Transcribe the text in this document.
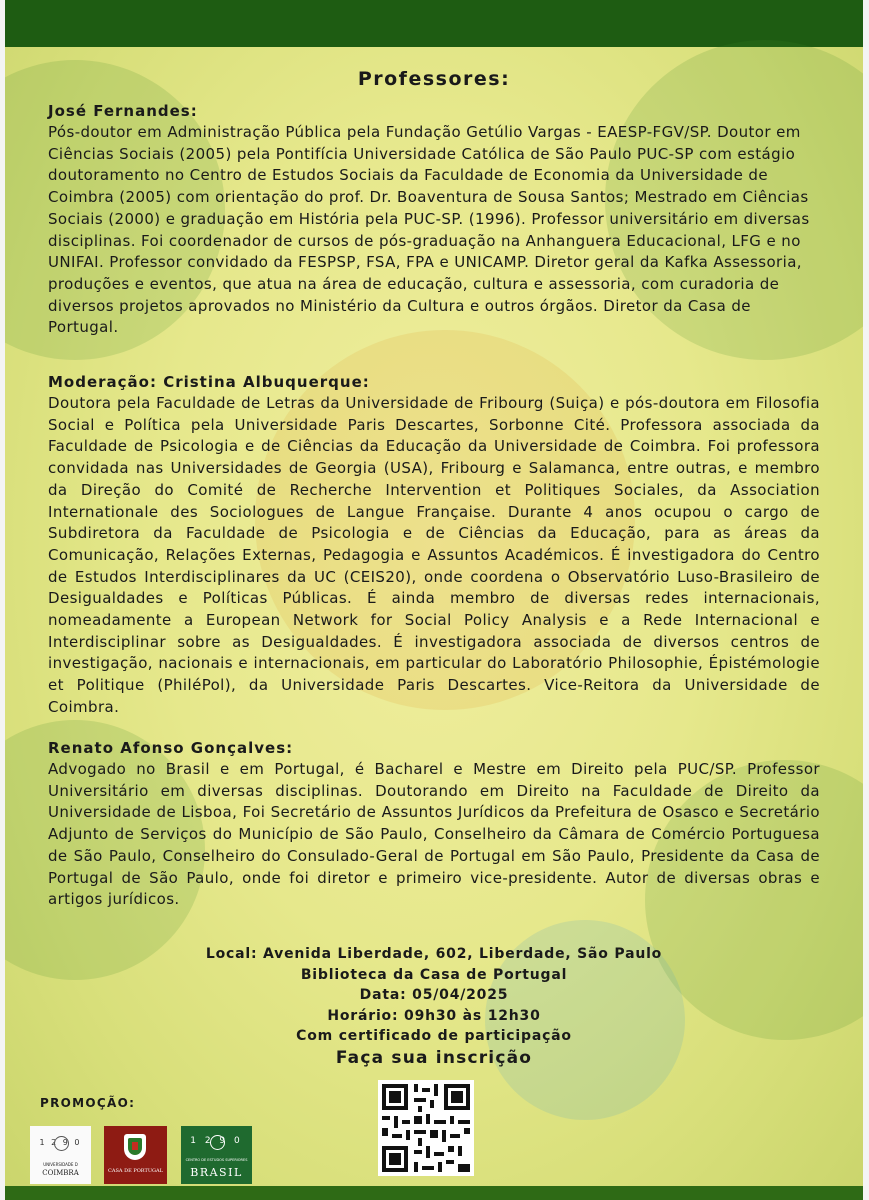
Professores:
José Fernandes:
Pós-doutor em Administração Pública pela Fundação Getúlio Vargas - EAESP-FGV/SP. Doutor em Ciências Sociais (2005) pela Pontifícia Universidade Católica de São Paulo PUC-SP com estágio doutoramento no Centro de Estudos Sociais da Faculdade de Economia da Universidade de Coimbra (2005) com orientação do prof. Dr. Boaventura de Sousa Santos; Mestrado em Ciências Sociais (2000) e graduação em História pela PUC-SP. (1996). Professor universitário em diversas disciplinas. Foi coordenador de cursos de pós-graduação na Anhanguera Educacional, LFG e no UNIFAI. Professor convidado da FESPSP, FSA, FPA e UNICAMP. Diretor geral da Kafka Assessoria, produções e eventos, que atua na área de educação, cultura e assessoria, com curadoria de diversos projetos aprovados no Ministério da Cultura e outros órgãos. Diretor da Casa de Portugal.
Moderação: Cristina Albuquerque:
Doutora pela Faculdade de Letras da Universidade de Fribourg (Suiça) e pós-doutora em Filosofia Social e Política pela Universidade Paris Descartes, Sorbonne Cité. Professora associada da Faculdade de Psicologia e de Ciências da Educação da Universidade de Coimbra. Foi professora convidada nas Universidades de Georgia (USA), Fribourg e Salamanca, entre outras, e membro da Direção do Comité de Recherche Intervention et Politiques Sociales, da Association Internationale des Sociologues de Langue Française. Durante 4 anos ocupou o cargo de Subdiretora da Faculdade de Psicologia e de Ciências da Educação, para as áreas da Comunicação, Relações Externas, Pedagogia e Assuntos Académicos. É investigadora do Centro de Estudos Interdisciplinares da UC (CEIS20), onde coordena o Observatório Luso-Brasileiro de Desigualdades e Políticas Públicas. É ainda membro de diversas redes internacionais, nomeadamente a European Network for Social Policy Analysis e a Rede Internacional e Interdisciplinar sobre as Desigualdades. É investigadora associada de diversos centros de investigação, nacionais e internacionais, em particular do Laboratório Philosophie, Épistémologie et Politique (PhiléPol), da Universidade Paris Descartes. Vice-Reitora da Universidade de Coimbra.
Renato Afonso Gonçalves:
Advogado no Brasil e em Portugal, é Bacharel e Mestre em Direito pela PUC/SP. Professor Universitário em diversas disciplinas. Doutorando em Direito na Faculdade de Direito da Universidade de Lisboa, Foi Secretário de Assuntos Jurídicos da Prefeitura de Osasco e Secretário Adjunto de Serviços do Município de São Paulo, Conselheiro da Câmara de Comércio Portuguesa de São Paulo, Conselheiro do Consulado-Geral de Portugal em São Paulo, Presidente da Casa de Portugal de São Paulo, onde foi diretor e primeiro vice-presidente. Autor de diversas obras e artigos jurídicos.
Local: Avenida Liberdade, 602, Liberdade, São Paulo
Biblioteca da Casa de Portugal
Data: 05/04/2025
Horário: 09h30 às 12h30
Com certificado de participação
Faça sua inscrição
PROMOÇÃO:
1 2 9 0
UNIVERSIDADE D
COIMBRA	CASA DE PORTUGAL
1 2 9 0
CENTRO DE ESTUDOS SUPERIORES
BRASIL
